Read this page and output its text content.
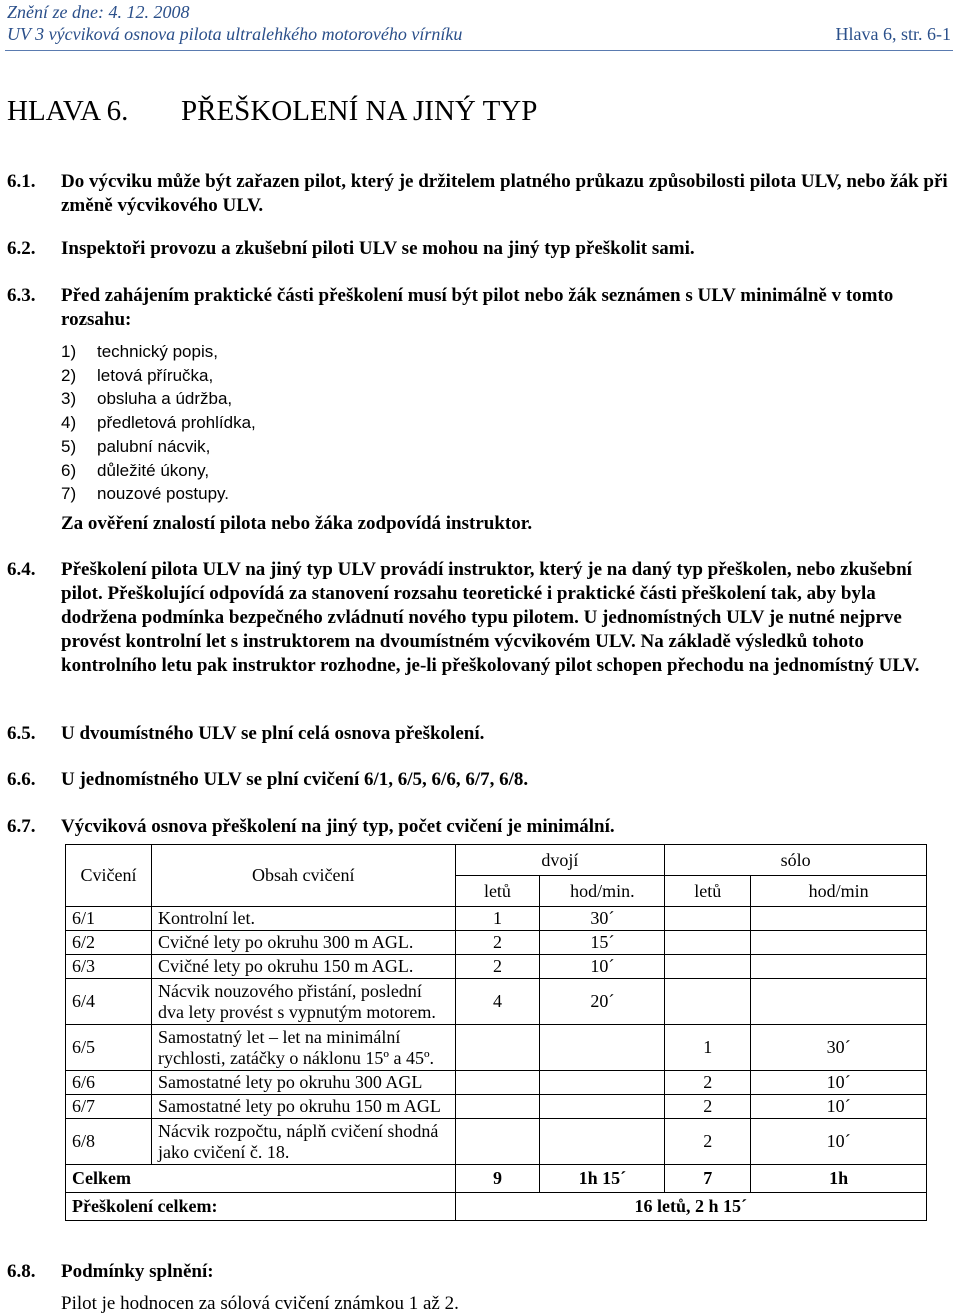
Znění ze dne: 4. 12. 2008
UV 3 výcviková osnova pilota ultralehkého motorového vírníku	Hlava 6, str. 6-1
HLAVA 6. PŘEŠKOLENÍ NA JINÝ TYP
6.1. Do výcviku může být zařazen pilot, který je držitelem platného průkazu způsobilosti pilota ULV, nebo žák při změně výcvikového ULV.
6.2. Inspektoři provozu a zkušební piloti ULV se mohou na jiný typ přeškolit sami.
6.3. Před zahájením praktické části přeškolení musí být pilot nebo žák seznámen s ULV minimálně v tomto rozsahu:
1) technický popis,
2) letová příručka,
3) obsluha a údržba,
4) předletová prohlídka,
5) palubní nácvik,
6) důležité úkony,
7) nouzové postupy.
Za ověření znalostí pilota nebo žáka zodpovídá instruktor.
6.4. Přeškolení pilota ULV na jiný typ ULV provádí instruktor, který je na daný typ přeškolen, nebo zkušební pilot. Přeškolující odpovídá za stanovení rozsahu teoretické i praktické části přeškolení tak, aby byla dodržena podmínka bezpečného zvládnutí nového typu pilotem. U jednomístných ULV je nutné nejprve provést kontrolní let s instruktorem na dvoumístném výcvikovém ULV. Na základě výsledků tohoto kontrolního letu pak instruktor rozhodne, je-li přeškolovaný pilot schopen přechodu na jednomístný ULV.
6.5. U dvoumístného ULV se plní celá osnova přeškolení.
6.6. U jednomístného ULV se plní cvičení 6/1, 6/5, 6/6, 6/7, 6/8.
6.7. Výcviková osnova přeškolení na jiný typ, počet cvičení je minimální.
Cvičení	Obsah cvičení	dvojí		sólo	
		letů	hod/min.	letů	hod/min
6/1	Kontrolní let.	1	30´		
6/2	Cvičné lety po okruhu 300 m AGL.	2	15´		
6/3	Cvičné lety po okruhu 150 m AGL.	2	10´		
6/4	Nácvik nouzového přistání, poslední dva lety provést s vypnutým motorem.	4	20´		
6/5	Samostatný let – let na minimální rychlosti, zatáčky o náklonu 15º a 45º.			1	30´
6/6	Samostatné lety po okruhu 300 AGL			2	10´
6/7	Samostatné lety po okruhu 150 m AGL			2	10´
6/8	Nácvik rozpočtu, náplň cvičení shodná jako cvičení č. 18.			2	10´
Celkem		9	1h 15´	7	1h
Přeškolení celkem:		16 letů, 2 h 15´			
6.8. Podmínky splnění:
Pilot je hodnocen za sólová cvičení známkou 1 až 2.
